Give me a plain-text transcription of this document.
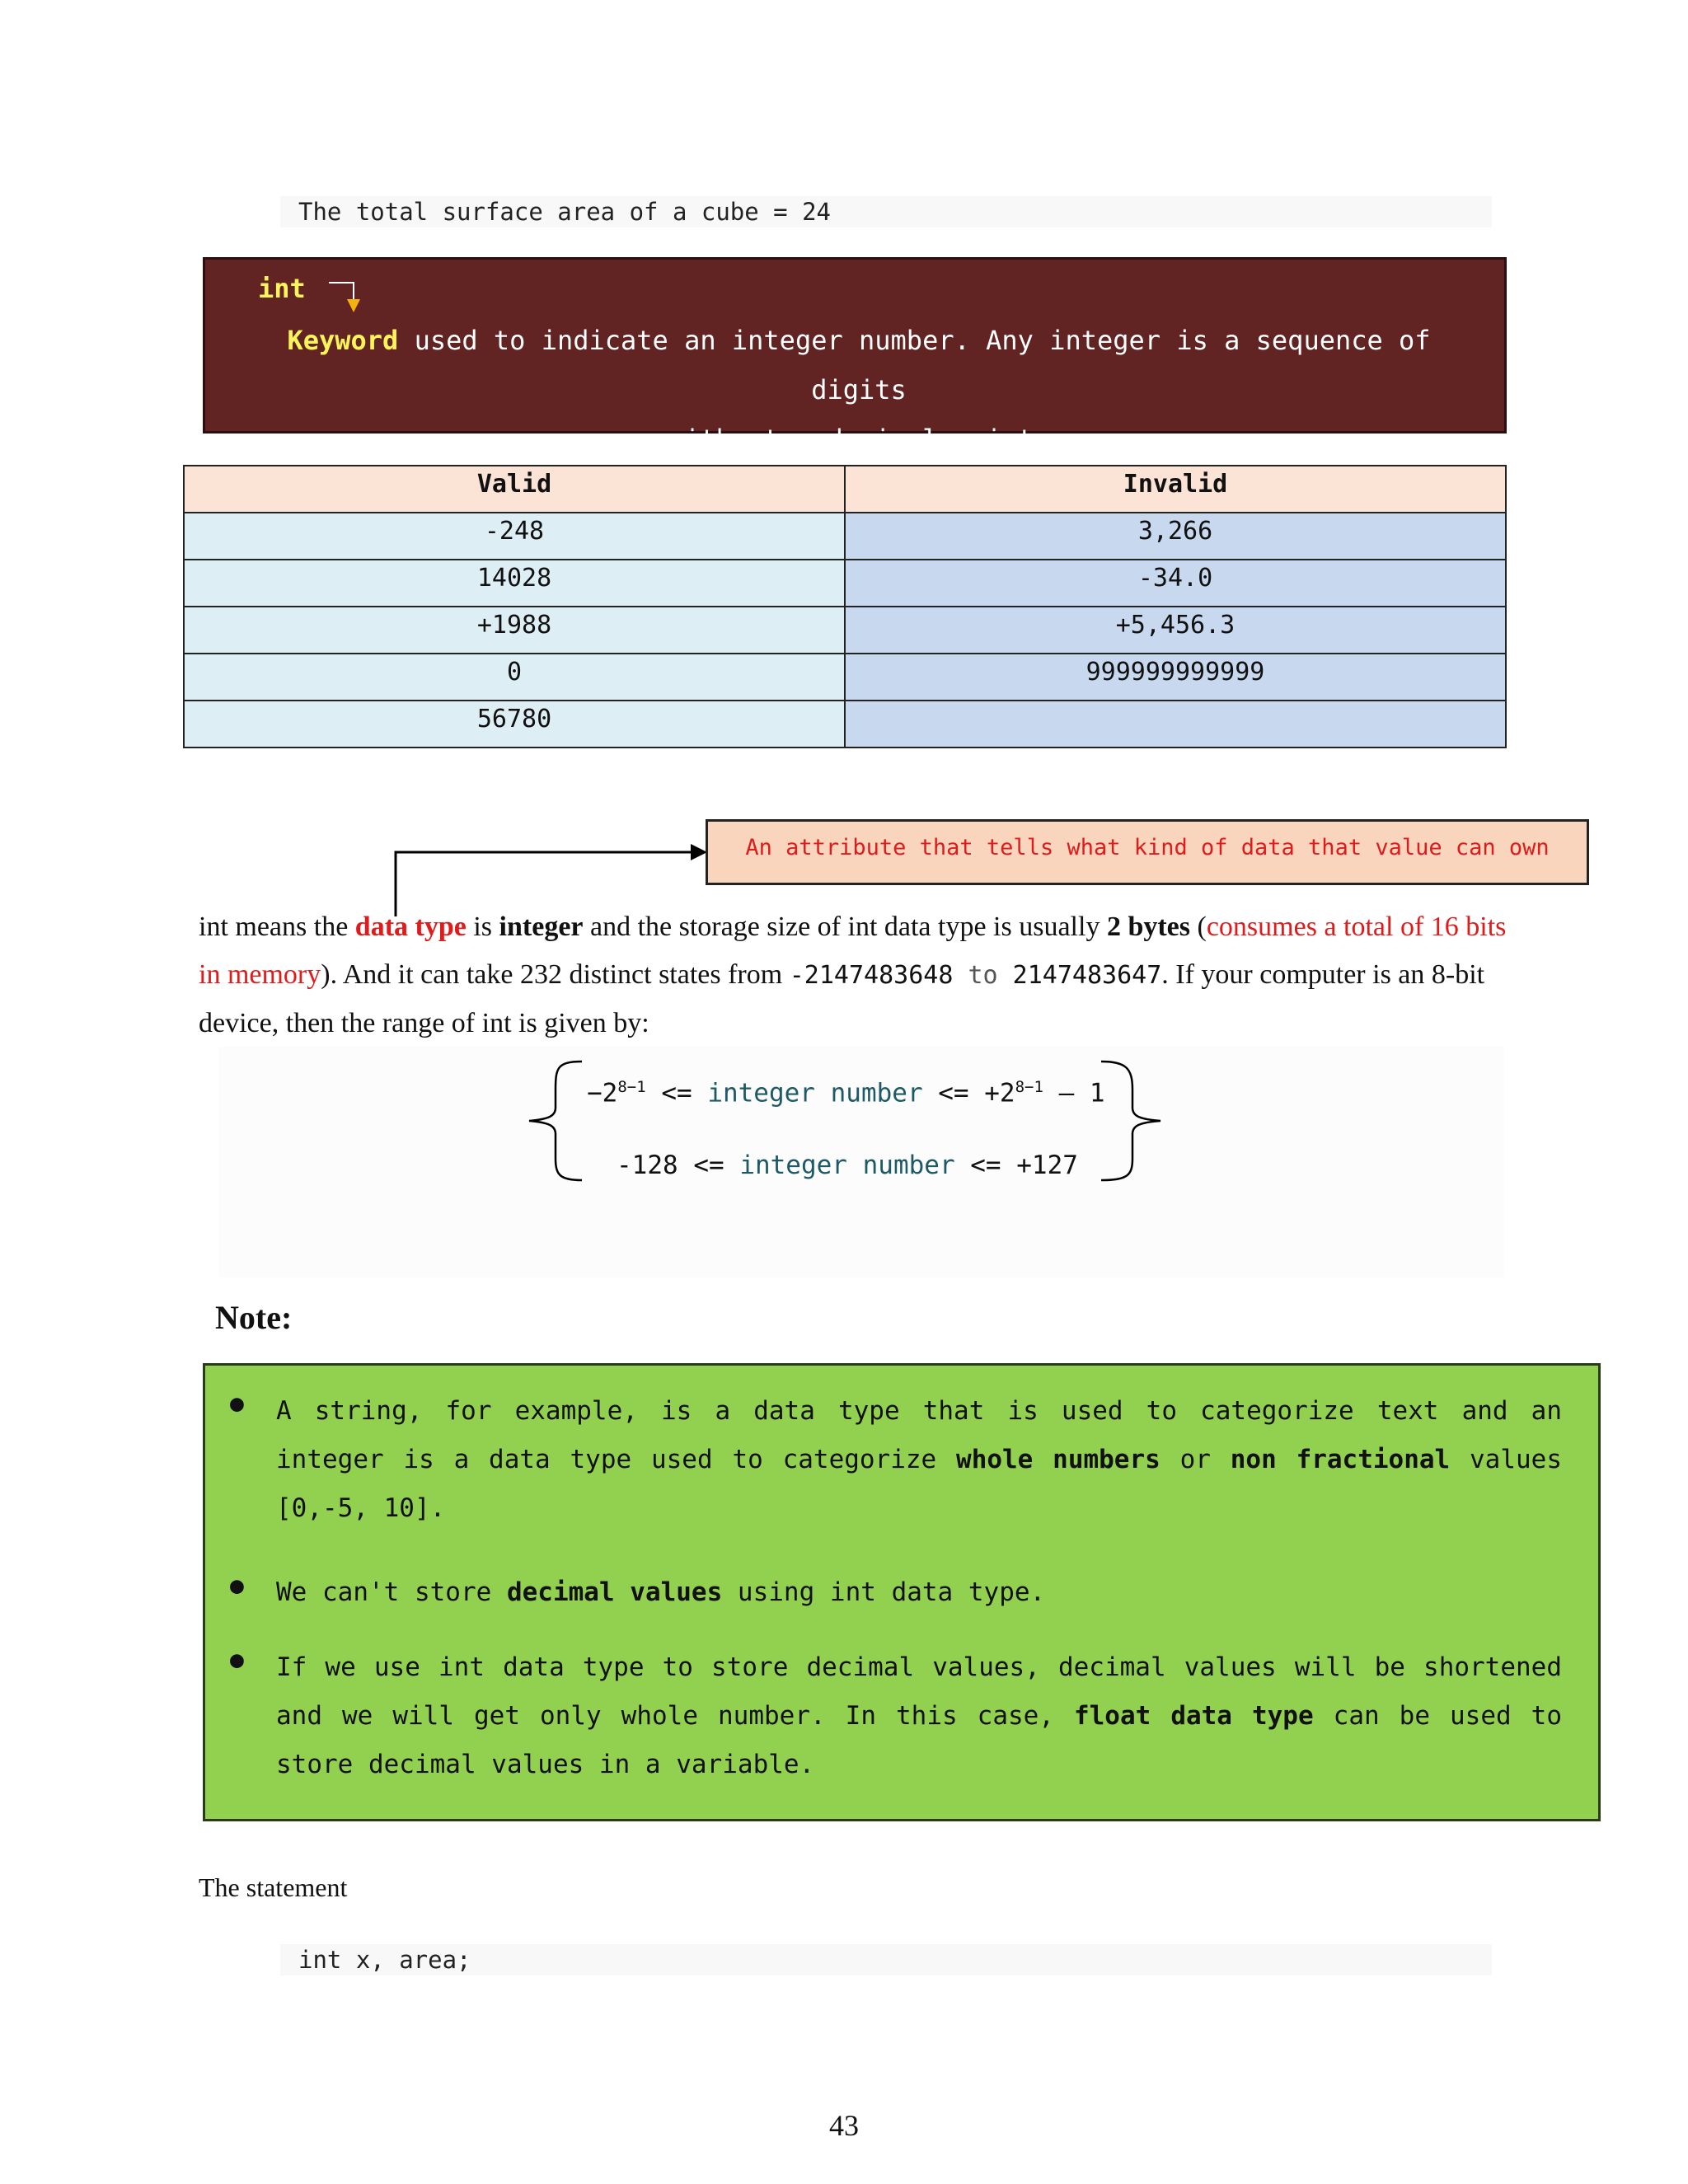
The total surface area of a cube = 24
int
Keyword used to indicate an integer number. Any integer is a sequence of digits
without a decimal point.
Valid	Invalid
-248	3,266
14028	-34.0
+1988	+5,456.3
0	999999999999
56780	
An attribute that tells what kind of data that value can own
int means the data type is integer and the storage size of int data type is usually 2 bytes (consumes a total of 16 bits
in memory). And it can take 232 distinct states from -2147483648 to 2147483647. If your computer is an 8-bit
device, then the range of int is given by:
$-2^{8-1}$ <= integer number <= $+2^{8-1} - 1$
-128 <= integer number <= +127
Note:
● A string, for example, is a data type that is used to categorize text and an
integer is a data type used to categorize whole numbers or non fractional values
[0,-5, 10].
● We can't store decimal values using int data type.
● If we use int data type to store decimal values, decimal values will be shortened
and we will get only whole number. In this case, float data type can be used to
store decimal values in a variable.
The statement
int x, area;
43
